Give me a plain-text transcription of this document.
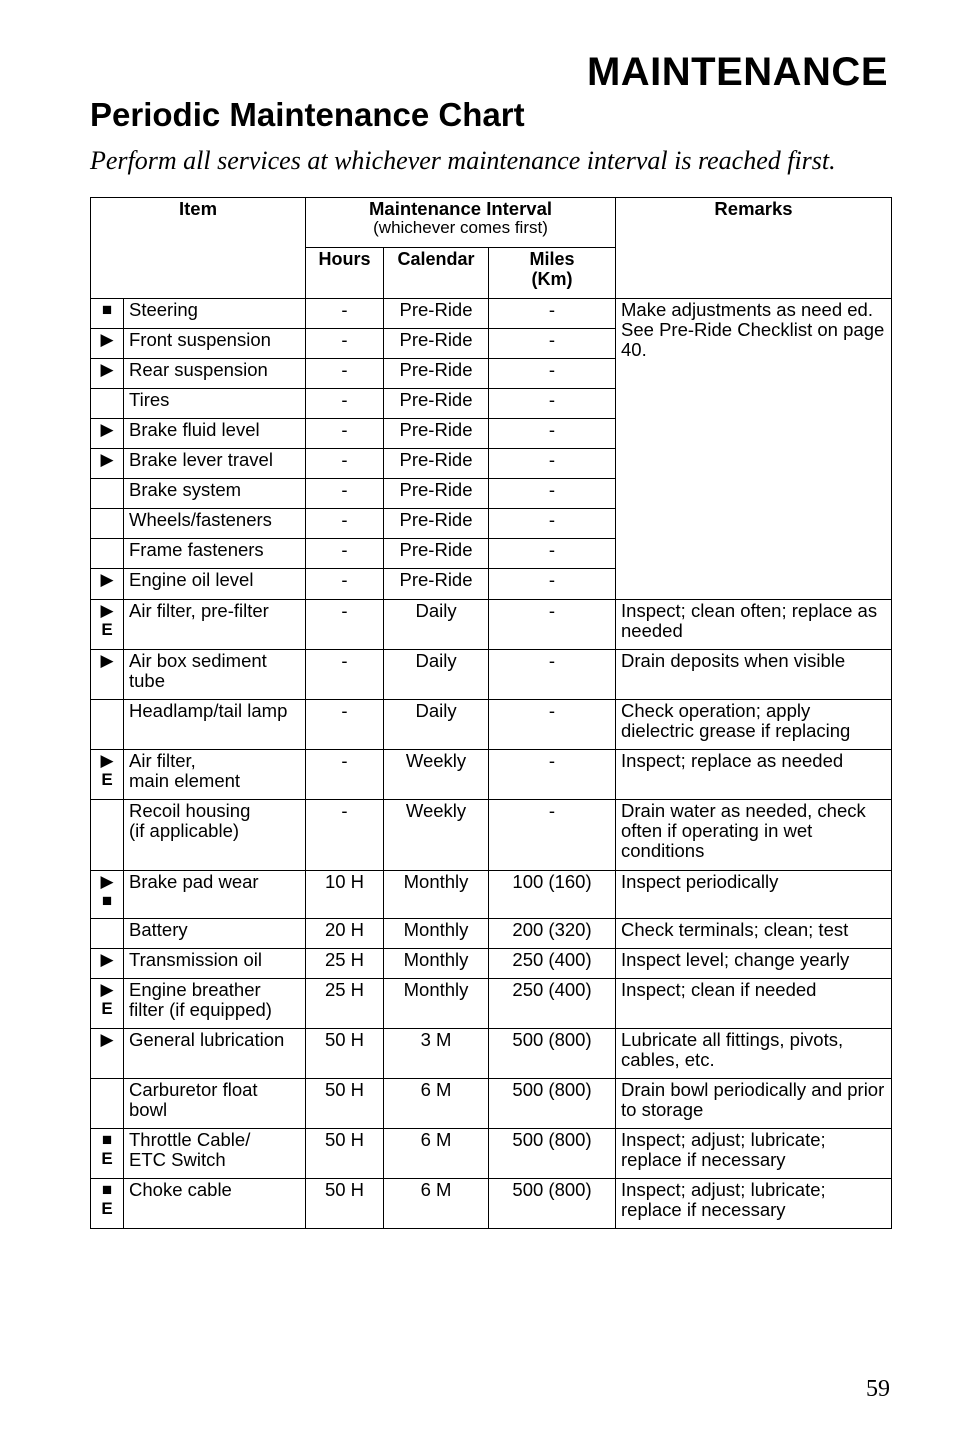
MAINTENANCE
Periodic Maintenance Chart

Perform all services at whichever maintenance interval is reached first.

Item		Maintenance Interval
(whichever comes first)			Remarks
		Hours	Calendar	Miles
(Km)	

■	Steering	-	Pre-Ride	-	Make adjustments as need ed. See Pre-Ride Checklist on page 40.

▶	Front suspension	-	Pre-Ride	-	

▶	Rear suspension	-	Pre-Ride	-	

	Tires	-	Pre-Ride	-	

▶	Brake fluid level	-	Pre-Ride	-	

▶	Brake lever travel	-	Pre-Ride	-	

	Brake system	-	Pre-Ride	-	

	Wheels/fasteners	-	Pre-Ride	-	

	Frame fasteners	-	Pre-Ride	-	

▶	Engine oil level	-	Pre-Ride	-	

▶
E	Air filter, pre-filter	-	Daily	-	Inspect; clean often; replace as needed

▶	Air box sediment tube	-	Daily	-	Drain deposits when visible

	Headlamp/tail lamp	-	Daily	-	Check operation; apply dielectric grease if replacing

▶
E	Air filter,
main element	-	Weekly	-	Inspect; replace as needed

	Recoil housing
(if applicable)	-	Weekly	-	Drain water as needed, check often if operating in wet conditions

▶
■	Brake pad wear	10 H	Monthly	100 (160)	Inspect periodically

	Battery	20 H	Monthly	200 (320)	Check terminals; clean; test

▶	Transmission oil	25 H	Monthly	250 (400)	Inspect level; change yearly

▶
E	Engine breather filter (if equipped)	25 H	Monthly	250 (400)	Inspect; clean if needed

▶	General lubrication	50 H	3 M	500 (800)	Lubricate all fittings, pivots, cables, etc.

	Carburetor float bowl	50 H	6 M	500 (800)	Drain bowl periodically and prior to storage

■
E	Throttle Cable/
ETC Switch	50 H	6 M	500 (800)	Inspect; adjust; lubricate; replace if necessary

■
E	Choke cable	50 H	6 M	500 (800)	Inspect; adjust; lubricate; replace if necessary
59
